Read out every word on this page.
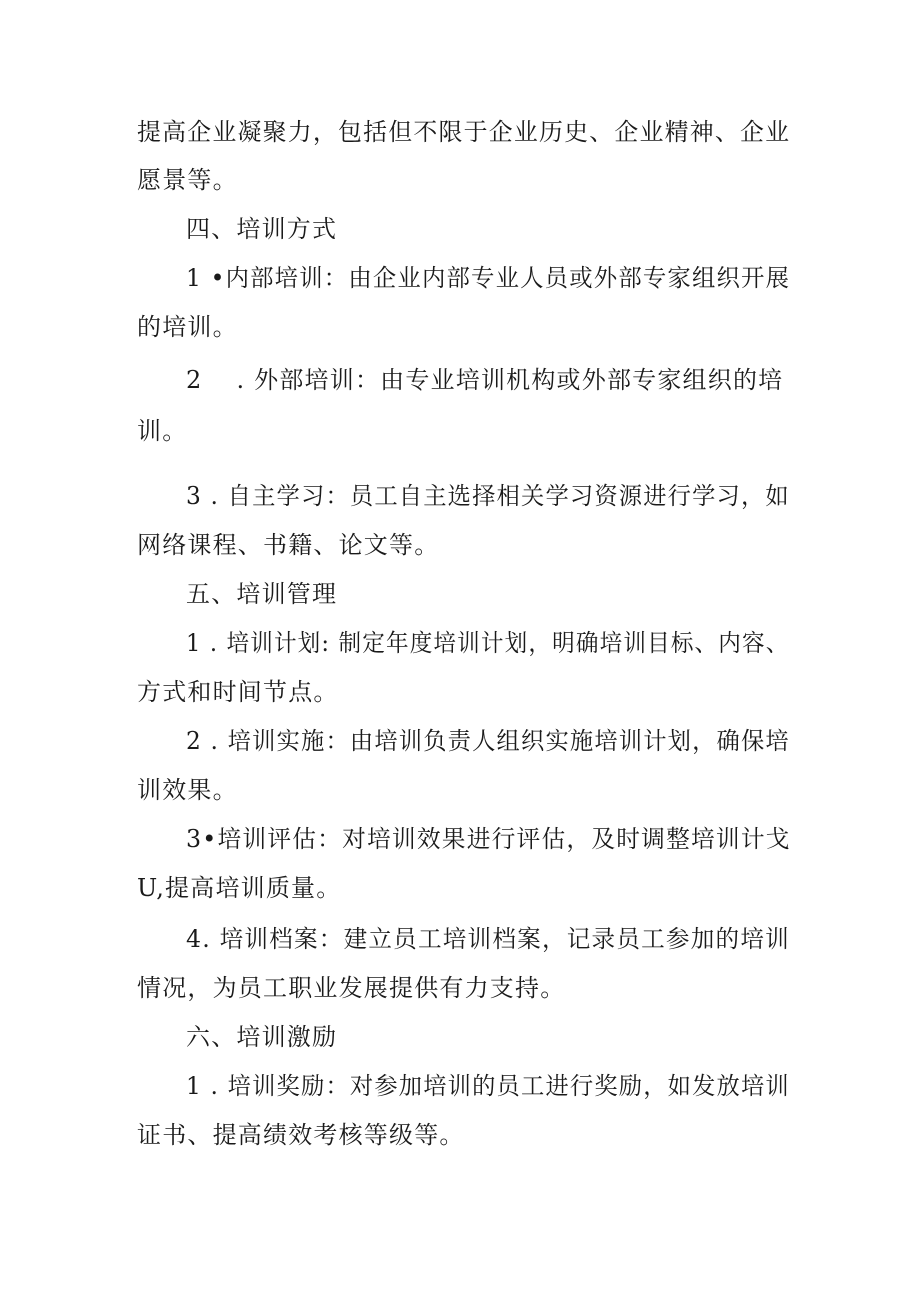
提高企业凝聚力，包括但不限于企业历史、企业精神、企业
愿景等。
四、培训方式
1 •内部培训：由企业内部专业人员或外部专家组织开展
的培训。
2　 . 外部培训：由专业培训机构或外部专家组织的培
训。
3 . 自主学习：员工自主选择相关学习资源进行学习，如
网络课程、书籍、论文等。
五、培训管理
1 . 培训计划: 制定年度培训计划，明确培训目标、内容、
方式和时间节点。
2 . 培训实施：由培训负责人组织实施培训计划，确保培
训效果。
3•培训评估：对培训效果进行评估，及时调整培训计戈
U,提高培训质量。
4. 培训档案：建立员工培训档案，记录员工参加的培训
情况，为员工职业发展提供有力支持。
六、培训激励
1 . 培训奖励：对参加培训的员工进行奖励，如发放培训
证书、提高绩效考核等级等。
